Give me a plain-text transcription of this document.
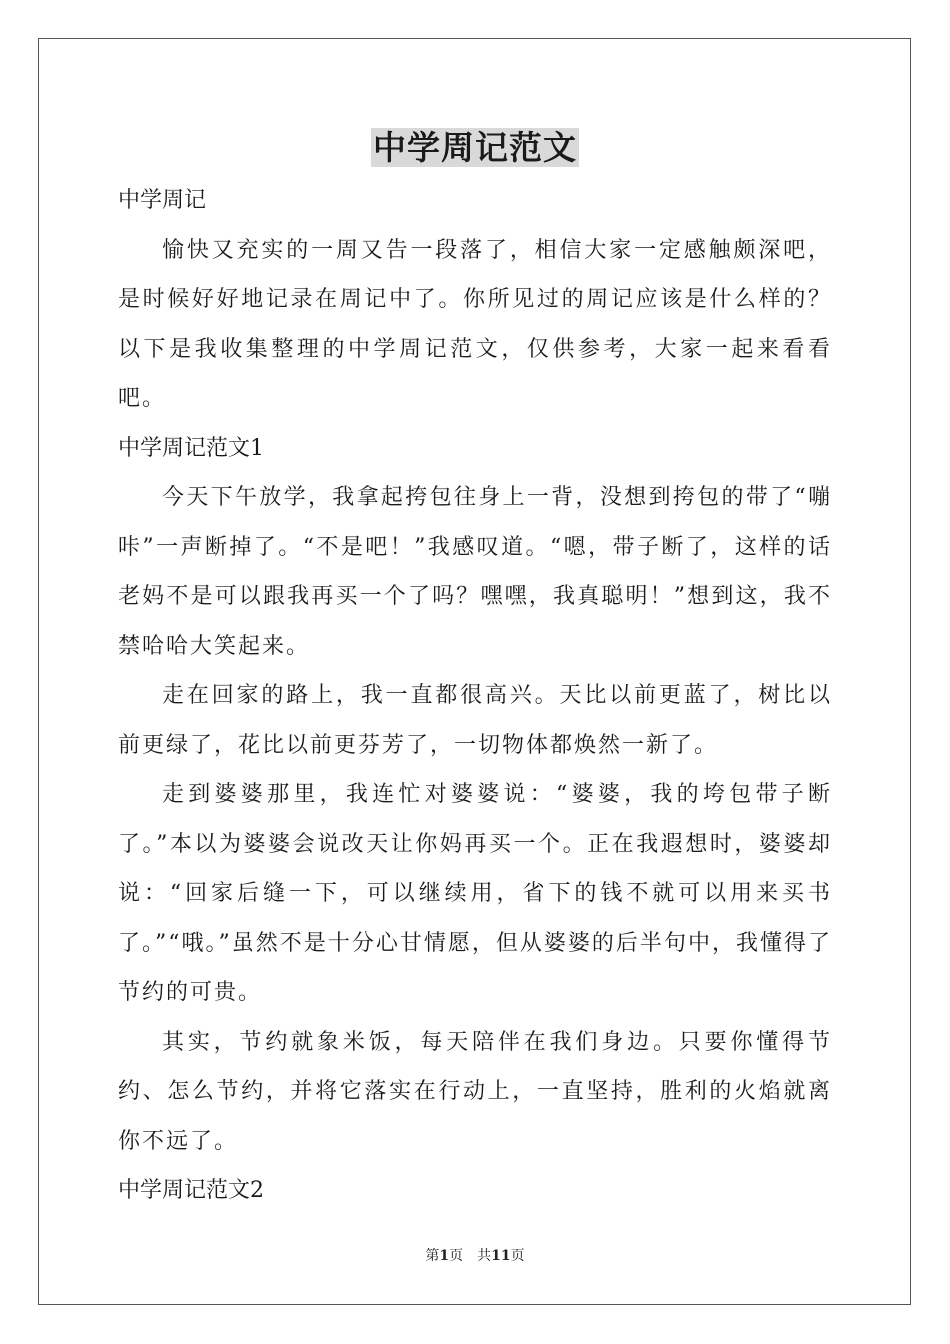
中学周记范文

中学周记

愉快又充实的一周又告一段落了，相信大家一定感触颇深吧，是时候好好地记录在周记中了。你所见过的周记应该是什么样的？以下是我收集整理的中学周记范文，仅供参考，大家一起来看看吧。

中学周记范文1

今天下午放学，我拿起挎包往身上一背，没想到挎包的带了“嘣咔”一声断掉了。“不是吧！”我感叹道。“嗯，带子断了，这样的话老妈不是可以跟我再买一个了吗？嘿嘿，我真聪明！”想到这，我不禁哈哈大笑起来。

走在回家的路上，我一直都很高兴。天比以前更蓝了，树比以前更绿了，花比以前更芬芳了，一切物体都焕然一新了。

走到婆婆那里，我连忙对婆婆说：“婆婆，我的垮包带子断了。”本以为婆婆会说改天让你妈再买一个。正在我遐想时，婆婆却说：“回家后缝一下，可以继续用，省下的钱不就可以用来买书了。”“哦。”虽然不是十分心甘情愿，但从婆婆的后半句中，我懂得了节约的可贵。

其实，节约就象米饭，每天陪伴在我们身边。只要你懂得节约、怎么节约，并将它落实在行动上，一直坚持，胜利的火焰就离你不远了。

中学周记范文2

第1页 共11页
